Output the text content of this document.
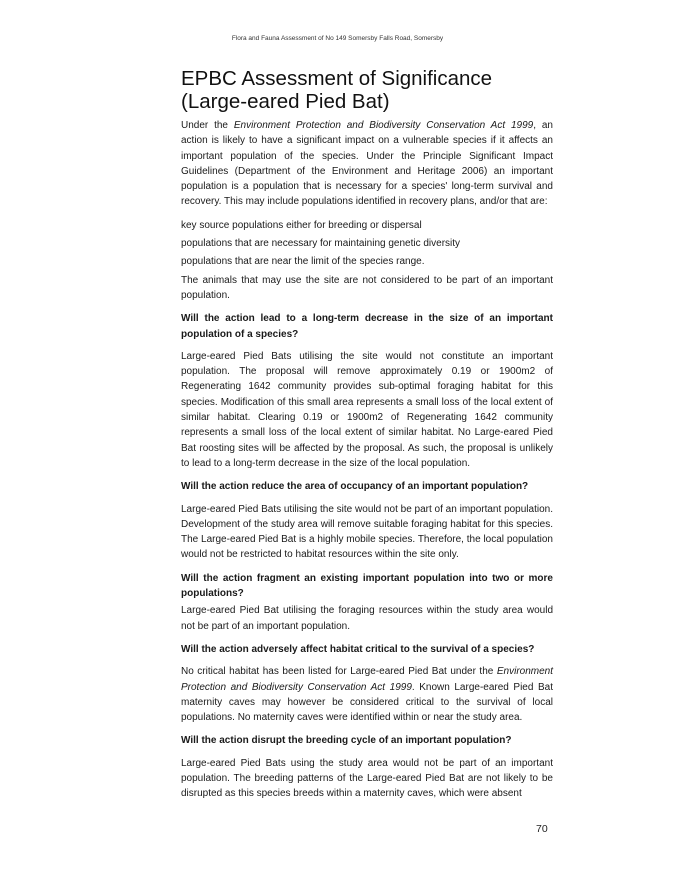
Flora and Fauna Assessment of No 149 Somersby Falls Road, Somersby
EPBC Assessment of Significance (Large-eared Pied Bat)

Under the Environment Protection and Biodiversity Conservation Act 1999, an action is likely to have a significant impact on a vulnerable species if it affects an important population of the species. Under the Principle Significant Impact Guidelines (Department of the Environment and Heritage 2006) an important population is a population that is necessary for a species' long-term survival and recovery. This may include populations identified in recovery plans, and/or that are:

key source populations either for breeding or dispersal

populations that are necessary for maintaining genetic diversity

populations that are near the limit of the species range.

The animals that may use the site are not considered to be part of an important population.

Will the action lead to a long-term decrease in the size of an important population of a species?

Large-eared Pied Bats utilising the site would not constitute an important population. The proposal will remove approximately 0.19 or 1900m2 of Regenerating 1642 community provides sub-optimal foraging habitat for this species. Modification of this small area represents a small loss of the local extent of similar habitat. Clearing 0.19 or 1900m2 of Regenerating 1642 community represents a small loss of the local extent of similar habitat. No Large-eared Pied Bat roosting sites will be affected by the proposal. As such, the proposal is unlikely to lead to a long-term decrease in the size of the local population.

Will the action reduce the area of occupancy of an important population?

Large-eared Pied Bats utilising the site would not be part of an important population. Development of the study area will remove suitable foraging habitat for this species. The Large-eared Pied Bat is a highly mobile species. Therefore, the local population would not be restricted to habitat resources within the site only.

Will the action fragment an existing important population into two or more populations?

Large-eared Pied Bat utilising the foraging resources within the study area would not be part of an important population.

Will the action adversely affect habitat critical to the survival of a species?

No critical habitat has been listed for Large-eared Pied Bat under the Environment Protection and Biodiversity Conservation Act 1999. Known Large-eared Pied Bat maternity caves may however be considered critical to the survival of local populations. No maternity caves were identified within or near the study area.

Will the action disrupt the breeding cycle of an important population?

Large-eared Pied Bats using the study area would not be part of an important population. The breeding patterns of the Large-eared Pied Bat are not likely to be disrupted as this species breeds within a maternity caves, which were absent

70
